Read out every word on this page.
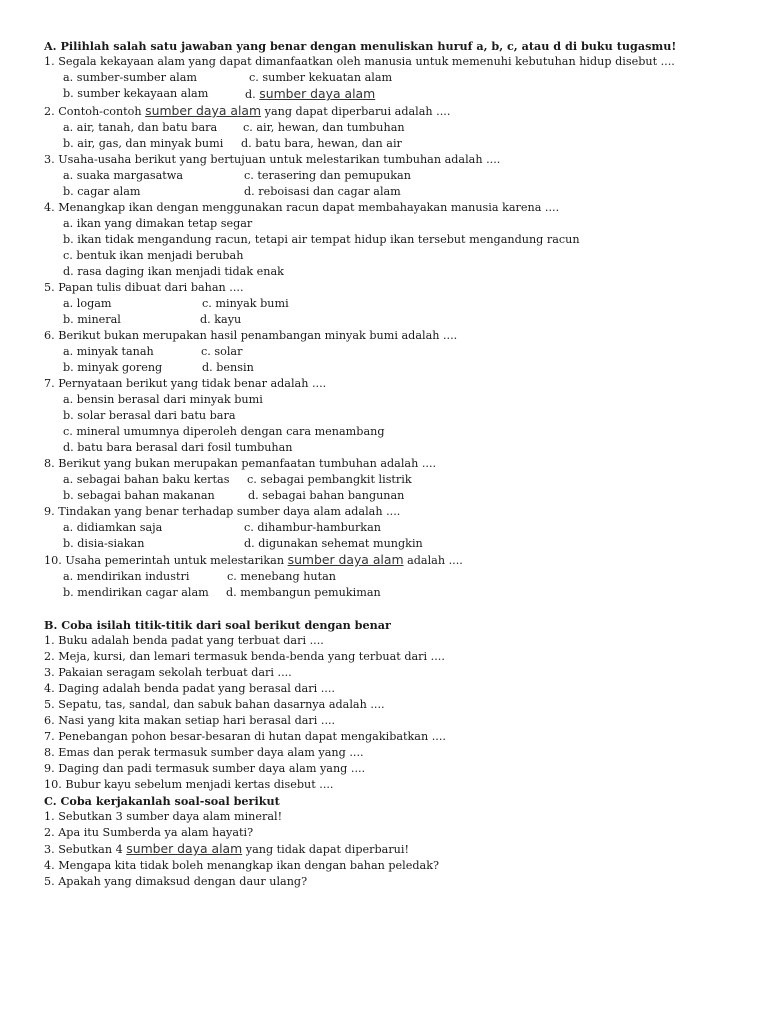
A. Pilihlah salah satu jawaban yang benar dengan menuliskan huruf a, b, c, atau d di buku tugasmu!
1. Segala kekayaan alam yang dapat dimanfaatkan oleh manusia untuk memenuhi kebutuhan hidup disebut ....
a. sumber-sumber alam	c. sumber kekuatan alam
b. sumber kekayaan alam	d. sumber daya alam
2. Contoh-contoh sumber daya alam yang dapat diperbarui adalah ....
a. air, tanah, dan batu bara	c. air, hewan, dan tumbuhan
b. air, gas, dan minyak bumi	d. batu bara, hewan, dan air
3. Usaha-usaha berikut yang bertujuan untuk melestarikan tumbuhan adalah ....
a. suaka margasatwa	c. terasering dan pemupukan
b. cagar alam	d. reboisasi dan cagar alam
4. Menangkap ikan dengan menggunakan racun dapat membahayakan manusia karena ....
a. ikan yang dimakan tetap segar
b. ikan tidak mengandung racun, tetapi air tempat hidup ikan tersebut mengandung racun
c. bentuk ikan menjadi berubah
d. rasa daging ikan menjadi tidak enak
5. Papan tulis dibuat dari bahan ....
a. logam	c. minyak bumi
b. mineral	d. kayu
6. Berikut bukan merupakan hasil penambangan minyak bumi adalah ....
a. minyak tanah	c. solar
b. minyak goreng	d. bensin
7. Pernyataan berikut yang tidak benar adalah ....
a. bensin berasal dari minyak bumi
b. solar berasal dari batu bara
c. mineral umumnya diperoleh dengan cara menambang
d. batu bara berasal dari fosil tumbuhan
8. Berikut yang bukan merupakan pemanfaatan tumbuhan adalah ....
a. sebagai bahan baku kertas	c. sebagai pembangkit listrik
b. sebagai bahan makanan	d. sebagai bahan bangunan
9. Tindakan yang benar terhadap sumber daya alam adalah ....
a. didiamkan saja	c. dihambur-hamburkan
b. disia-siakan	d. digunakan sehemat mungkin
10. Usaha pemerintah untuk melestarikan sumber daya alam adalah ....
a. mendirikan industri	c. menebang hutan
b. mendirikan cagar alam	d. membangun pemukiman
B. Coba isilah titik-titik dari soal berikut dengan benar
1. Buku adalah benda padat yang terbuat dari ....
2. Meja, kursi, dan lemari termasuk benda-benda yang terbuat dari ....
3. Pakaian seragam sekolah terbuat dari ....
4. Daging adalah benda padat yang berasal dari ....
5. Sepatu, tas, sandal, dan sabuk bahan dasarnya adalah ....
6. Nasi yang kita makan setiap hari berasal dari ....
7. Penebangan pohon besar-besaran di hutan dapat mengakibatkan ....
8. Emas dan perak termasuk sumber daya alam yang ....
9. Daging dan padi termasuk sumber daya alam yang ....
10. Bubur kayu sebelum menjadi kertas disebut ....
C. Coba kerjakanlah soal-soal berikut
1. Sebutkan 3 sumber daya alam mineral!
2. Apa itu Sumberda ya alam hayati?
3. Sebutkan 4 sumber daya alam yang tidak dapat diperbarui!
4. Mengapa kita tidak boleh menangkap ikan dengan bahan peledak?
5. Apakah yang dimaksud dengan daur ulang?
